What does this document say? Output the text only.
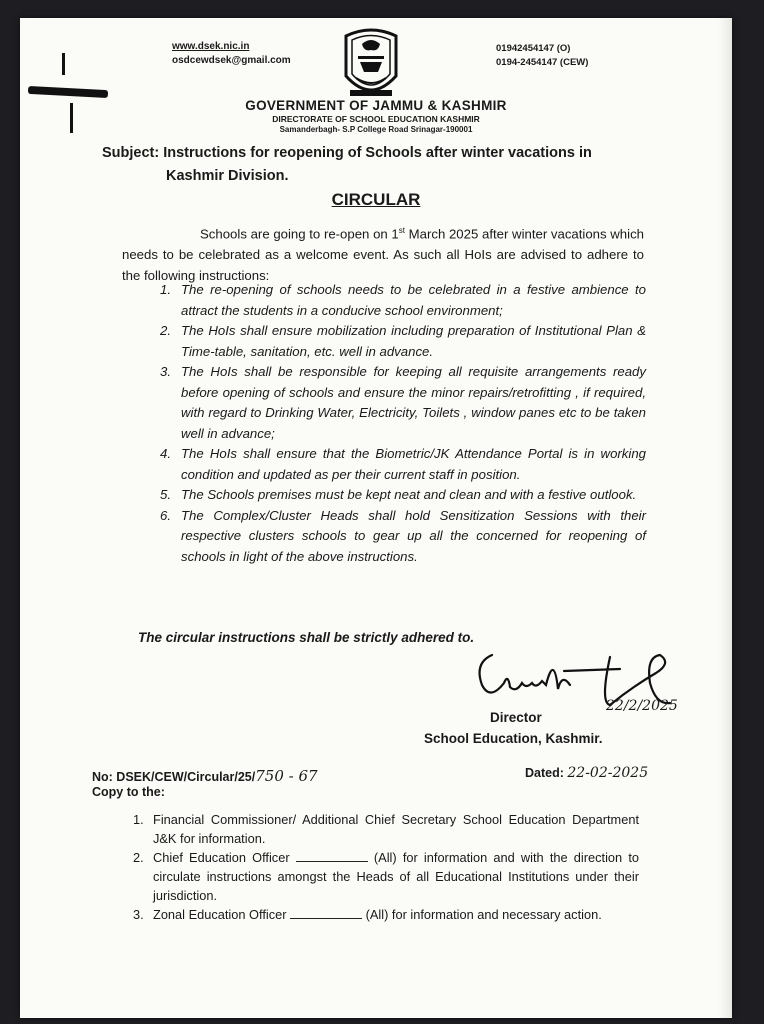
www.dsek.nic.in
osdcewdsek@gmail.com
01942454147 (O)
0194-2454147 (CEW)
GOVERNMENT OF JAMMU & KASHMIR
DIRECTORATE OF SCHOOL EDUCATION KASHMIR
Samanderbagh- S.P College Road Srinagar-190001
Subject: Instructions for reopening of Schools after winter vacations in
Kashmir Division.
CIRCULAR

Schools are going to re-open on 1st March 2025 after winter vacations which needs to be celebrated as a welcome event. As such all HoIs are advised to adhere to the following instructions:

1. The re-opening of schools needs to be celebrated in a festive ambience to attract the students in a conducive school environment;
2. The HoIs shall ensure mobilization including preparation of Institutional Plan & Time-table, sanitation, etc. well in advance.
3. The HoIs shall be responsible for keeping all requisite arrangements ready before opening of schools and ensure the minor repairs/retrofitting , if required, with regard to Drinking Water, Electricity, Toilets , window panes etc to be taken well in advance;
4. The HoIs shall ensure that the Biometric/JK Attendance Portal is in working condition and updated as per their current staff in position.
5. The Schools premises must be kept neat and clean and with a festive outlook.
6. The Complex/Cluster Heads shall hold Sensitization Sessions with their respective clusters schools to gear up all the concerned for reopening of schools in light of the above instructions.
The circular instructions shall be strictly adhered to.
22/2/2025
Director
School Education, Kashmir.
No: DSEK/CEW/Circular/25/750 - 67	Dated: 22-02-2025
Copy to the:
1. Financial Commissioner/ Additional Chief Secretary School Education Department J&K for information.
2. Chief Education Officer	(All) for information and with the direction to circulate instructions amongst the Heads of all Educational Institutions under their jurisdiction.
3. Zonal Education Officer	(All) for information and necessary action.
